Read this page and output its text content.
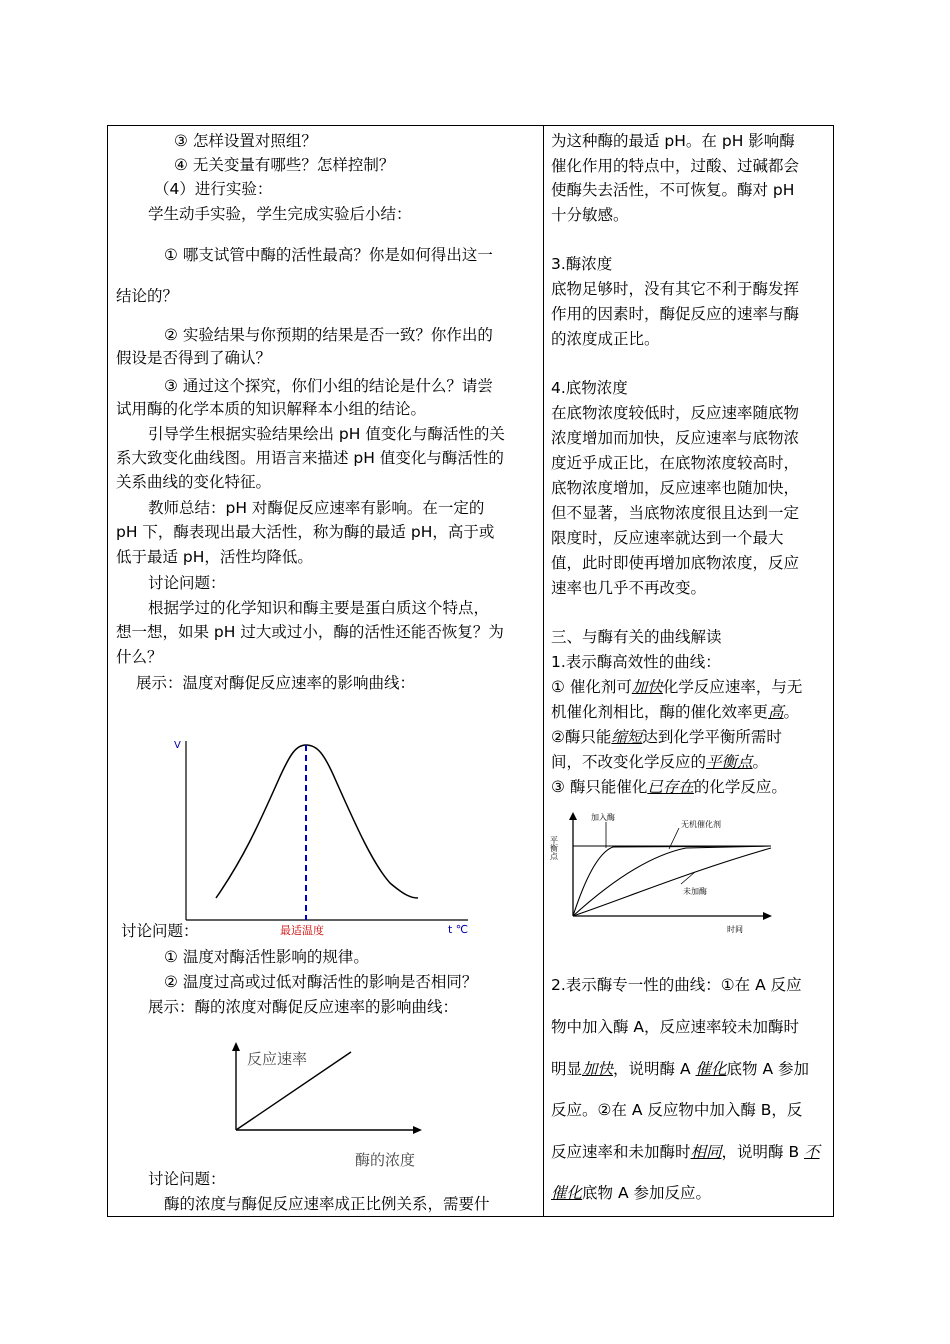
③ 怎样设置对照组？
④ 无关变量有哪些？怎样控制？
（4）进行实验：
学生动手实验，学生完成实验后小结：
① 哪支试管中酶的活性最高？你是如何得出这一
结论的？
② 实验结果与你预期的结果是否一致？你作出的
假设是否得到了确认？
③ 通过这个探究，你们小组的结论是什么？请尝
试用酶的化学本质的知识解释本小组的结论。
引导学生根据实验结果绘出 pH 值变化与酶活性的关
系大致变化曲线图。用语言来描述 pH 值变化与酶活性的
关系曲线的变化特征。
教师总结：pH 对酶促反应速率有影响。在一定的
pH 下，酶表现出最大活性，称为酶的最适 pH，高于或
低于最适 pH，活性均降低。
讨论问题：
根据学过的化学知识和酶主要是蛋白质这个特点，
想一想，如果 pH 过大或过小，酶的活性还能否恢复？为
什么？
展示：温度对酶促反应速率的影响曲线：
V
t ℃
最适温度
讨论问题：
① 温度对酶活性影响的规律。
② 温度过高或过低对酶活性的影响是否相同？
展示：酶的浓度对酶促反应速率的影响曲线：
反应速率
酶的浓度
讨论问题：
酶的浓度与酶促反应速率成正比例关系，需要什
为这种酶的最适 pH。在 pH 影响酶
催化作用的特点中，过酸、过碱都会
使酶失去活性，不可恢复。酶对 pH
十分敏感。
3.酶浓度
底物足够时，没有其它不利于酶发挥
作用的因素时，酶促反应的速率与酶
的浓度成正比。
4.底物浓度
在底物浓度较低时，反应速率随底物
浓度增加而加快，反应速率与底物浓
度近乎成正比，在底物浓度较高时，
底物浓度增加，反应速率也随加快，
但不显著，当底物浓度很且达到一定
限度时，反应速率就达到一个最大
值，此时即使再增加底物浓度，反应
速率也几乎不再改变。
三、与酶有关的曲线解读
1.表示酶高效性的曲线：
① 催化剂可加快化学反应速率，与无
机催化剂相比，酶的催化效率更高。
②酶只能缩短达到化学平衡所需时
间，不改变化学反应的平衡点。
③ 酶只能催化已存在的化学反应。
加入酶
无机催化剂
未加酶
平衡点
时间
2.表示酶专一性的曲线：①在 A 反应
物中加入酶 A，反应速率较未加酶时
明显加快，说明酶 A 催化底物 A 参加
反应。②在 A 反应物中加入酶 B，反
反应速率和未加酶时相同，说明酶 B 不
催化底物 A 参加反应。
